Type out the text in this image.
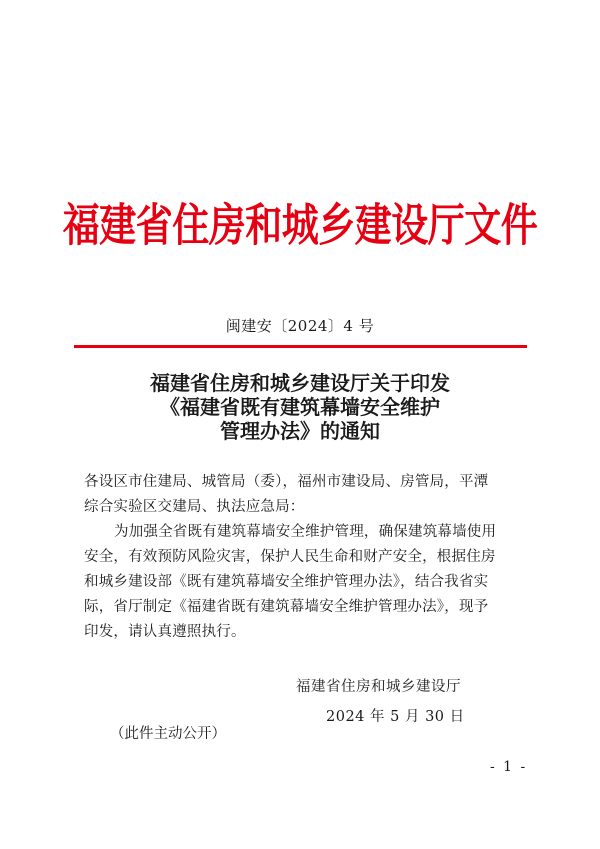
福建省住房和城乡建设厅文件
闽建安〔2024〕4 号
福建省住房和城乡建设厅关于印发
《福建省既有建筑幕墙安全维护
管理办法》的通知
各设区市住建局、城管局（委），福州市建设局、房管局，平潭
综合实验区交建局、执法应急局：
为加强全省既有建筑幕墙安全维护管理，确保建筑幕墙使用
安全，有效预防风险灾害，保护人民生命和财产安全，根据住房
和城乡建设部《既有建筑幕墙安全维护管理办法》，结合我省实
际，省厅制定《福建省既有建筑幕墙安全维护管理办法》，现予
印发，请认真遵照执行。
福建省住房和城乡建设厅
2024 年 5 月 30 日
（此件主动公开）
- 1 -
